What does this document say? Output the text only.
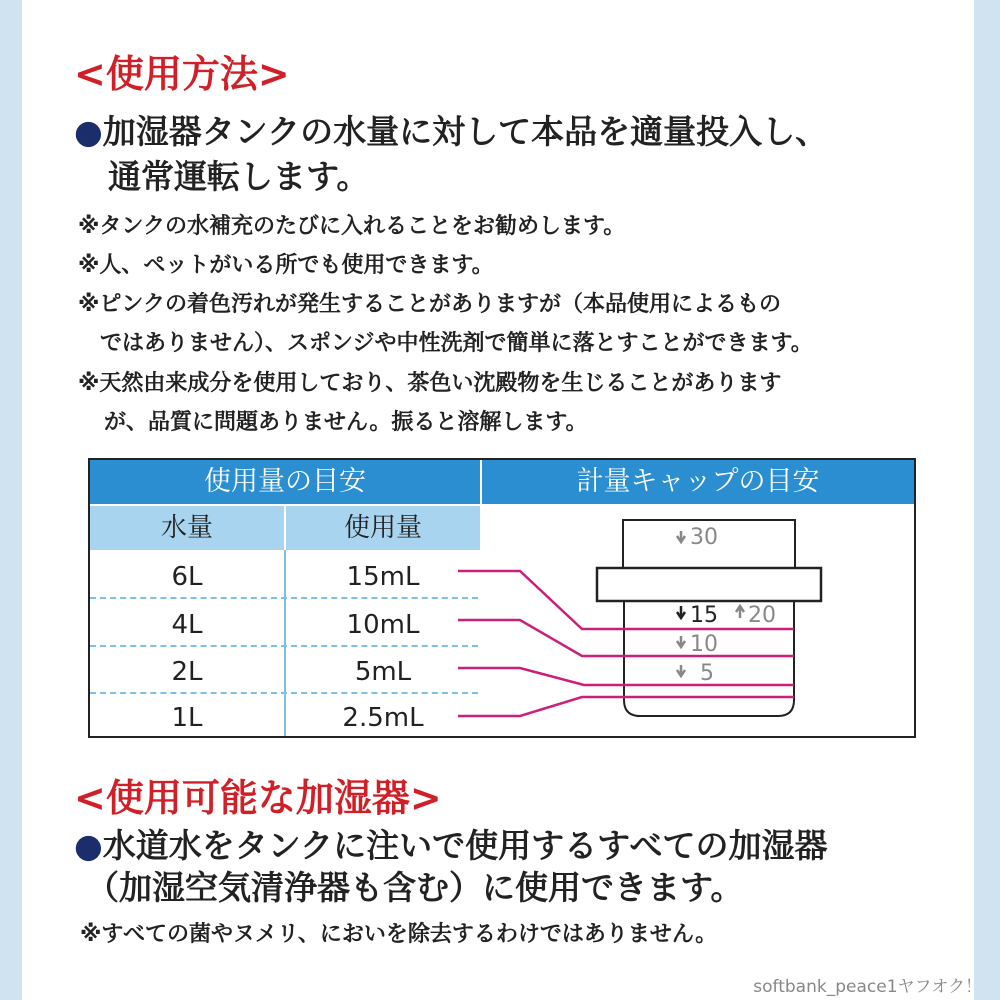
<使用方法>
●加湿器タンクの水量に対して本品を適量投入し、
通常運転します。
※タンクの水補充のたびに入れることをお勧めします。
※人、ペットがいる所でも使用できます。
※ピンクの着色汚れが発生することがありますが（本品使用によるもの
ではありません）、スポンジや中性洗剤で簡単に落とすことができます。
※天然由来成分を使用しており、茶色い沈殿物を生じることがあります
が、品質に問題ありません。振ると溶解します。
使用量の目安	計量キャップの目安
水量	使用量
6L	15mL
4L	10mL
2L	5mL
1L	2.5mL
30
15 20
10
5
<使用可能な加湿器>
●水道水をタンクに注いで使用するすべての加湿器
（加湿空気清浄器も含む）に使用できます。
※すべての菌やヌメリ、においを除去するわけではありません。
softbank_peace1ヤフオク！
